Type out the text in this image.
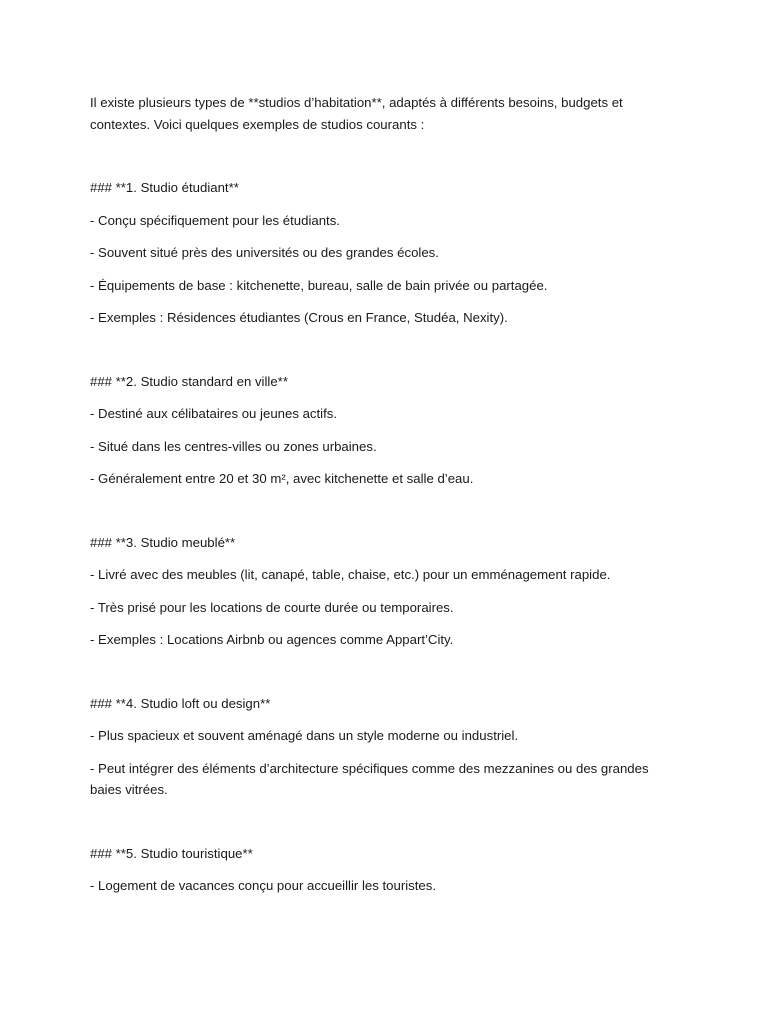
Il existe plusieurs types de **studios d’habitation**, adaptés à différents besoins, budgets et contextes. Voici quelques exemples de studios courants :

### **1. Studio étudiant**

- Conçu spécifiquement pour les étudiants.

- Souvent situé près des universités ou des grandes écoles.

- Équipements de base : kitchenette, bureau, salle de bain privée ou partagée.

- Exemples : Résidences étudiantes (Crous en France, Studéa, Nexity).

### **2. Studio standard en ville**

- Destiné aux célibataires ou jeunes actifs.

- Situé dans les centres-villes ou zones urbaines.

- Généralement entre 20 et 30 m², avec kitchenette et salle d’eau.

### **3. Studio meublé**

- Livré avec des meubles (lit, canapé, table, chaise, etc.) pour un emménagement rapide.

- Très prisé pour les locations de courte durée ou temporaires.

- Exemples : Locations Airbnb ou agences comme Appart’City.

### **4. Studio loft ou design**

- Plus spacieux et souvent aménagé dans un style moderne ou industriel.

- Peut intégrer des éléments d’architecture spécifiques comme des mezzanines ou des grandes baies vitrées.

### **5. Studio touristique**

- Logement de vacances conçu pour accueillir les touristes.
